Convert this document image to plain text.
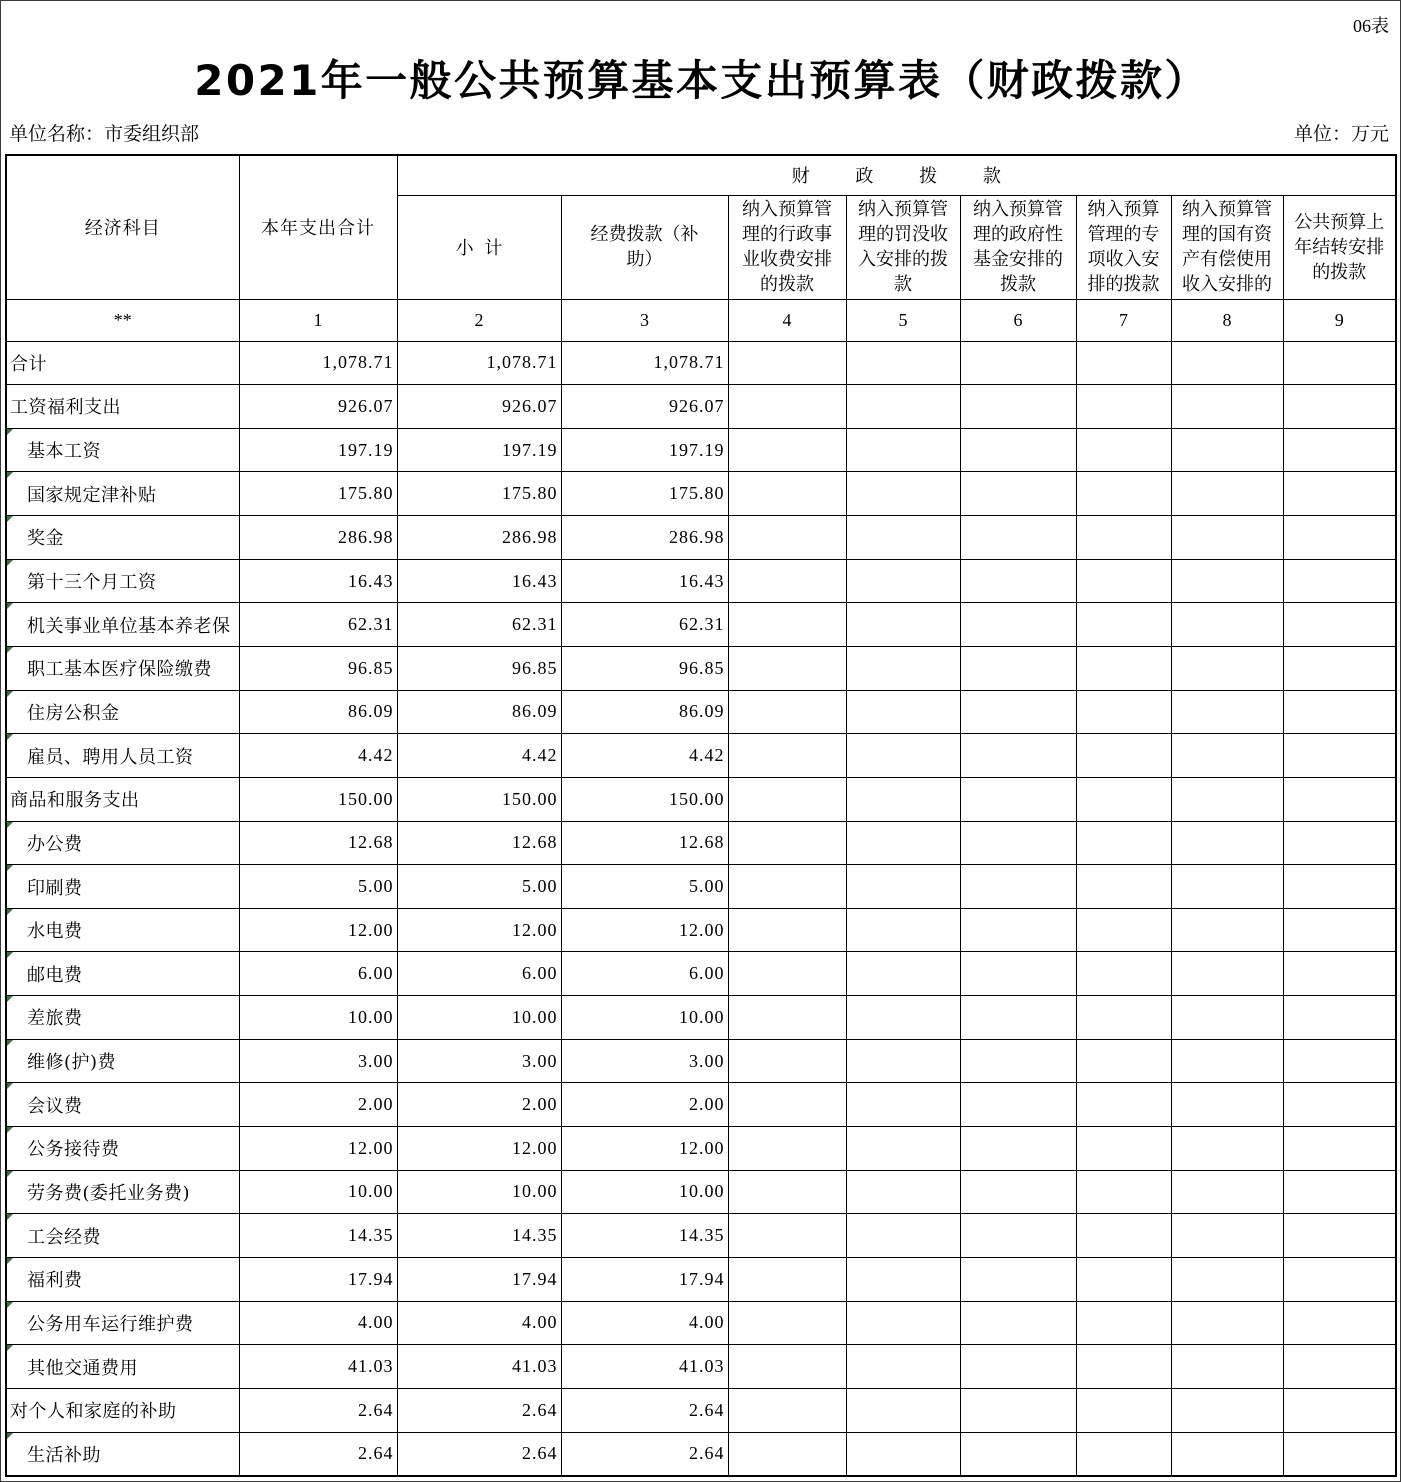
06表
2021年一般公共预算基本支出预算表（财政拨款）
单位名称：市委组织部	单位：万元
经济科目	本年支出合计	财 政 拨 款							
		小 计	经费拨款（补助）	纳入预算管理的行政事业收费安排的拨款	纳入预算管理的罚没收入安排的拨款	纳入预算管理的政府性基金安排的拨款	纳入预算管理的专项收入安排的拨款	纳入预算管理的国有资产有偿使用收入安排的	公共预算上年结转安排的拨款
**	1	2	3	4	5	6	7	8	9
合计	1,078.71	1,078.71	1,078.71						
工资福利支出	926.07	926.07	926.07						
基本工资	197.19	197.19	197.19						
国家规定津补贴	175.80	175.80	175.80						
奖金	286.98	286.98	286.98						
第十三个月工资	16.43	16.43	16.43						
机关事业单位基本养老保	62.31	62.31	62.31						
职工基本医疗保险缴费	96.85	96.85	96.85						
住房公积金	86.09	86.09	86.09						
雇员、聘用人员工资	4.42	4.42	4.42						
商品和服务支出	150.00	150.00	150.00						
办公费	12.68	12.68	12.68						
印刷费	5.00	5.00	5.00						
水电费	12.00	12.00	12.00						
邮电费	6.00	6.00	6.00						
差旅费	10.00	10.00	10.00						
维修(护)费	3.00	3.00	3.00						
会议费	2.00	2.00	2.00						
公务接待费	12.00	12.00	12.00						
劳务费(委托业务费)	10.00	10.00	10.00						
工会经费	14.35	14.35	14.35						
福利费	17.94	17.94	17.94						
公务用车运行维护费	4.00	4.00	4.00						
其他交通费用	41.03	41.03	41.03						
对个人和家庭的补助	2.64	2.64	2.64						
生活补助	2.64	2.64	2.64						
